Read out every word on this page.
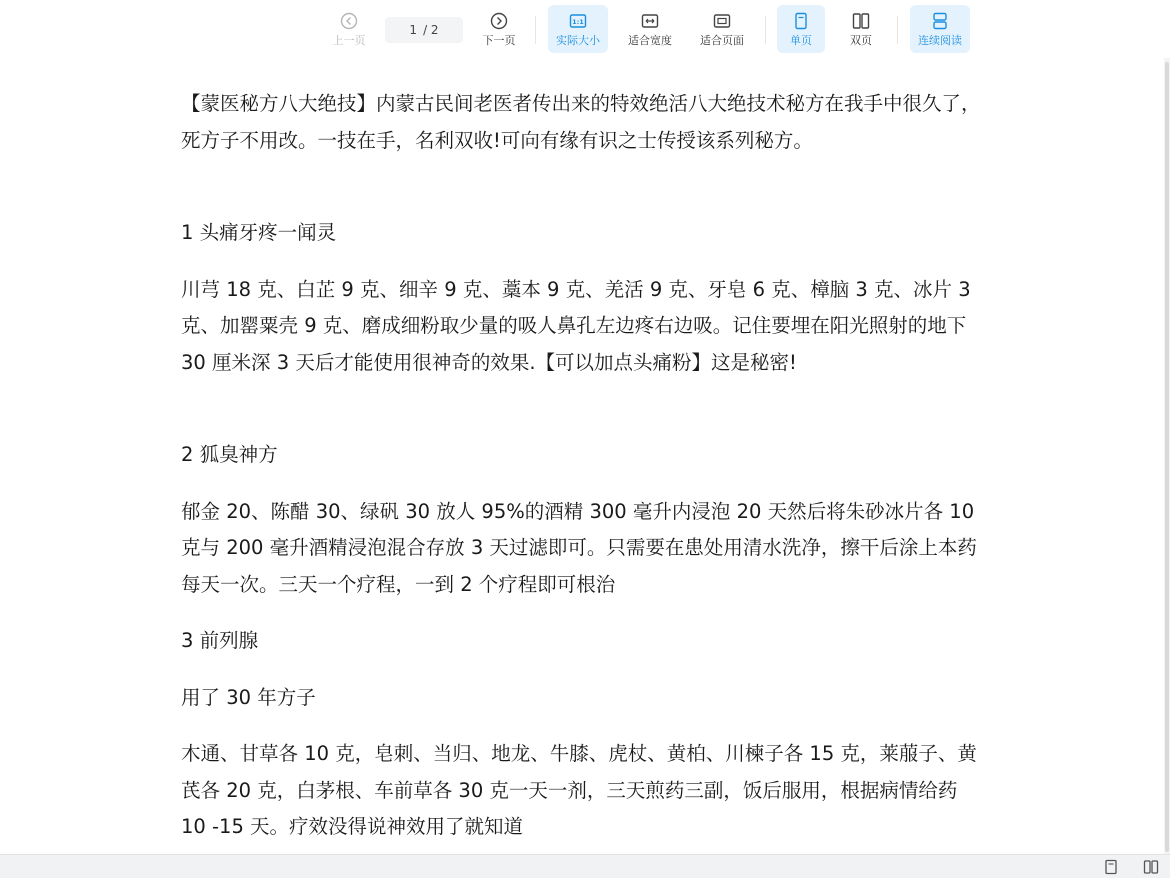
上一页
1 / 2
下一页
1:1
实际大小	适合宽度	适合页面	单页	双页	连续阅读

【蒙医秘方八大绝技】内蒙古民间老医者传出来的特效绝活八大绝技术秘方在我手中很久了，死方子不用改。一技在手，名利双收!可向有缘有识之士传授该系列秘方。

1 头痛牙疼一闻灵

川芎 18 克、白芷 9 克、细辛 9 克、藁本 9 克、羌活 9 克、牙皂 6 克、樟脑 3 克、冰片 3 克、加罂粟壳 9 克、磨成细粉取少量的吸人鼻孔左边疼右边吸。记住要埋在阳光照射的地下 30 厘米深 3 天后才能使用很神奇的效果.【可以加点头痛粉】这是秘密!

2 狐臭神方

郁金 20、陈醋 30、绿矾 30 放人 95%的酒精 300 毫升内浸泡 20 天然后将朱砂冰片各 10 克与 200 毫升酒精浸泡混合存放 3 天过滤即可。只需要在患处用清水洗净，擦干后涂上本药每天一次。三天一个疗程，一到 2 个疗程即可根治

3 前列腺

用了 30 年方子

木通、甘草各 10 克，皂刺、当归、地龙、牛膝、虎杖、黄柏、川楝子各 15 克，莱菔子、黄芪各 20 克，白茅根、车前草各 30 克一天一剂，三天煎药三副，饭后服用，根据病情给药 10 -15 天。疗效没得说神效用了就知道
